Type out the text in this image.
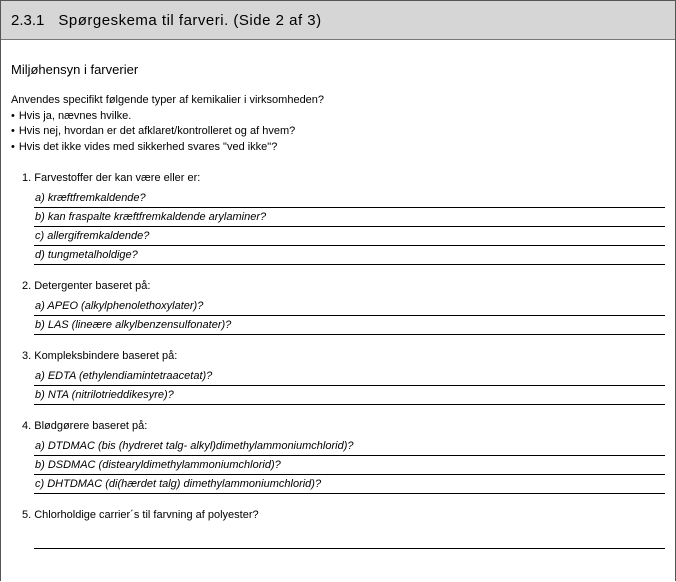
2.3.1 Spørgeskema til farveri. (Side 2 af 3)
Miljøhensyn i farverier
Anvendes specifikt følgende typer af kemikalier i virksomheden?
• Hvis ja, nævnes hvilke.
• Hvis nej, hvordan er det afklaret/kontrolleret og af hvem?
• Hvis det ikke vides med sikkerhed svares "ved ikke"?
1. Farvestoffer der kan være eller er:
a) kræftfremkaldende?
b) kan fraspalte kræftfremkaldende arylaminer?
c) allergifremkaldende?
d) tungmetalholdige?
2. Detergenter baseret på:
a) APEO (alkylphenolethoxylater)?
b) LAS (lineære alkylbenzensulfonater)?
3. Kompleksbindere baseret på:
a) EDTA (ethylendiamintetraacetat)?
b) NTA (nitrilotrieddikesyre)?
4. Blødgørere baseret på:
a) DTDMAC (bis (hydreret talg- alkyl)dimethylammoniumchlorid)?
b) DSDMAC (distearyldimethylammoniumchlorid)?
c) DHTDMAC (di(hærdet talg) dimethylammoniumchlorid)?
5. Chlorholdige carrier´s til farvning af polyester?
